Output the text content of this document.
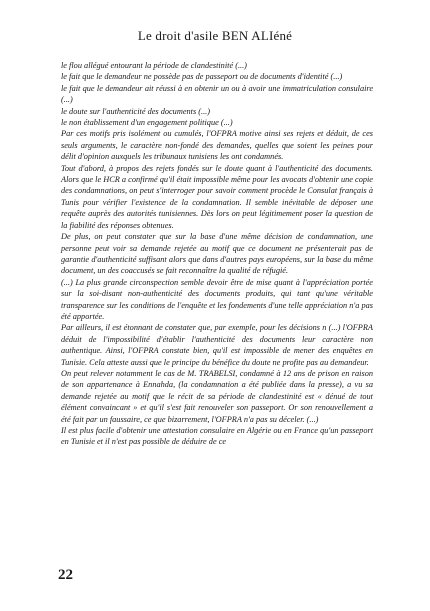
Le droit d'asile BEN ALIéné

le flou allégué entourant la période de clandestinité (...)

le fait que le demandeur ne possède pas de passeport ou de documents d'identité (...)

le fait que le demandeur ait réussi à en obtenir un ou à avoir une immatriculation consulaire (...)

le doute sur l'authenticité des documents (...)

le non établissement d'un engagement politique (...)

Par ces motifs pris isolément ou cumulés, l'OFPRA motive ainsi ses rejets et déduit, de ces seuls arguments, le caractère non-fondé des demandes, quelles que soient les peines pour délit d'opinion auxquels les tribunaux tunisiens les ont condamnés.

Tout d'abord, à propos des rejets fondés sur le doute quant à l'authenticité des documents. Alors que le HCR a confirmé qu'il était impossible même pour les avocats d'obtenir une copie des condamnations, on peut s'interroger pour savoir comment procède le Consulat français à Tunis pour vérifier l'existence de la condamnation. Il semble inévitable de déposer une requête auprès des autorités tunisiennes. Dès lors on peut légitimement poser la question de la fiabilité des réponses obtenues.

De plus, on peut constater que sur la base d'une même décision de condamnation, une personne peut voir sa demande rejetée au motif que ce document ne présenterait pas de garantie d'authenticité suffisant alors que dans d'autres pays européens, sur la base du même document, un des coaccusés se fait reconnaître la qualité de réfugié.

(...) La plus grande circonspection semble devoir être de mise quant à l'appréciation portée sur la soi-disant non-authenticité des documents produits, qui tant qu'une véritable transparence sur les conditions de l'enquête et les fondements d'une telle appréciation n'a pas été apportée.

Par ailleurs, il est étonnant de constater que, par exemple, pour les décisions n (...) l'OFPRA déduit de l'impossibilité d'établir l'authenticité des documents leur caractère non authentique. Ainsi, l'OFPRA constate bien, qu'il est impossible de mener des enquêtes en Tunisie. Cela atteste aussi que le principe du bénéfice du doute ne profite pas au demandeur.

On peut relever notamment le cas de M. TRABELSI, condamné à 12 ans de prison en raison de son appartenance à Ennahda, (la condamnation a été publiée dans la presse), a vu sa demande rejetée au motif que le récit de sa période de clandestinité est « dénué de tout élément convaincant » et qu'il s'est fait renouveler son passeport. Or son renouvellement a été fait par un faussaire, ce que bizarrement, l'OFPRA n'a pas su déceler. (...)

Il est plus facile d'obtenir une attestation consulaire en Algérie ou en France qu'un passeport en Tunisie et il n'est pas possible de déduire de ce

22
